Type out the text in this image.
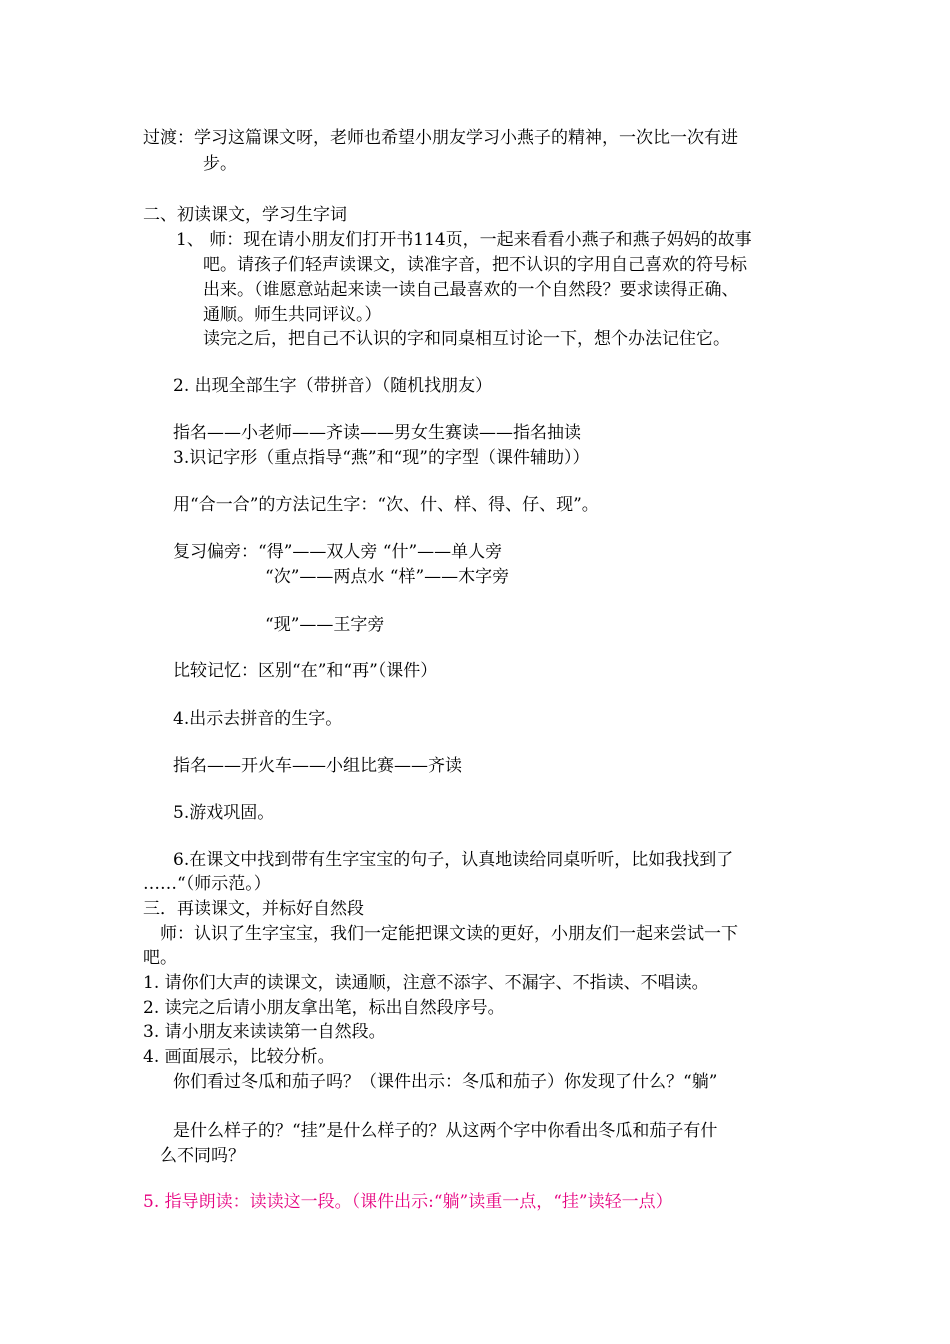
过渡：学习这篇课文呀，老师也希望小朋友学习小燕子的精神，一次比一次有进
步。
二、初读课文，学习生字词
1、 师：现在请小朋友们打开书114页，一起来看看小燕子和燕子妈妈的故事
吧。请孩子们轻声读课文，读准字音，把不认识的字用自己喜欢的符号标
出来。（谁愿意站起来读一读自己最喜欢的一个自然段？要求读得正确、
通顺。师生共同评议。）
读完之后，把自己不认识的字和同桌相互讨论一下，想个办法记住它。
2. 出现全部生字（带拼音）（随机找朋友）
指名——小老师——齐读——男女生赛读——指名抽读
3.识记字形（重点指导“燕”和“现”的字型（课件辅助））
用“合一合”的方法记生字：“次、什、样、得、仔、现”。
复习偏旁：“得”——双人旁 “什”——单人旁
“次”——两点水 “样”——木字旁
“现”——王字旁
比较记忆：区别“在”和“再”（课件）
4.出示去拼音的生字。
指名——开火车——小组比赛——齐读
5.游戏巩固。
6.在课文中找到带有生字宝宝的句子，认真地读给同桌听听，比如我找到了
……“（师示范。）
三．再读课文，并标好自然段
师：认识了生字宝宝，我们一定能把课文读的更好，小朋友们一起来尝试一下
吧。
1. 请你们大声的读课文，读通顺，注意不添字、不漏字、不指读、不唱读。
2. 读完之后请小朋友拿出笔，标出自然段序号。
3. 请小朋友来读读第一自然段。
4. 画面展示，比较分析。
你们看过冬瓜和茄子吗？（课件出示：冬瓜和茄子）你发现了什么？“躺”
是什么样子的？“挂”是什么样子的？从这两个字中你看出冬瓜和茄子有什
么不同吗？
5. 指导朗读：读读这一段。（课件出示:“躺”读重一点，“挂”读轻一点）
